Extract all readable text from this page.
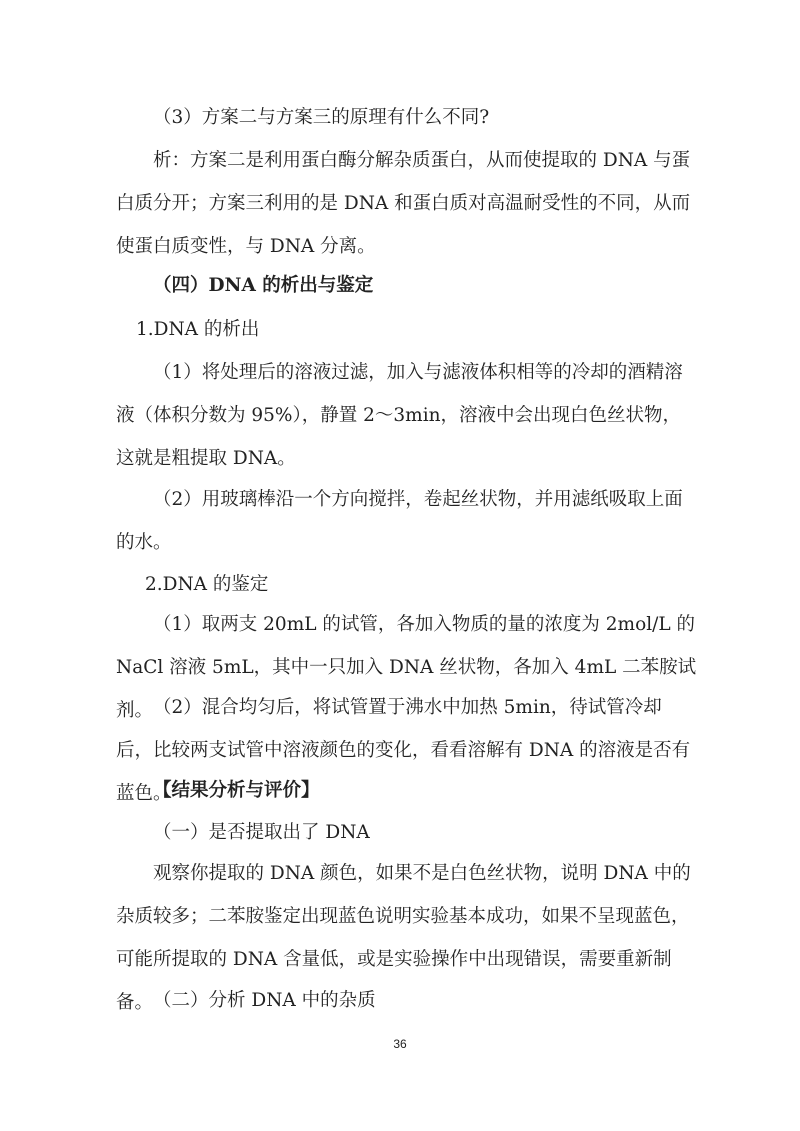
（3）方案二与方案三的原理有什么不同?

析：方案二是利用蛋白酶分解杂质蛋白，从而使提取的 DNA 与蛋白质分开；方案三利用的是 DNA 和蛋白质对高温耐受性的不同，从而使蛋白质变性，与 DNA 分离。

（四）DNA 的析出与鉴定

1.DNA 的析出

（1）将处理后的溶液过滤，加入与滤液体积相等的冷却的酒精溶液（体积分数为 95%），静置 2～3min，溶液中会出现白色丝状物，这就是粗提取 DNA。

（2）用玻璃棒沿一个方向搅拌，卷起丝状物，并用滤纸吸取上面的水。

2.DNA 的鉴定

（1）取两支 20mL 的试管，各加入物质的量的浓度为 2mol/L 的 NaCl 溶液 5mL，其中一只加入 DNA 丝状物，各加入 4mL 二苯胺试剂。 （2）混合均匀后，将试管置于沸水中加热 5min，待试管冷却后，比较两支试管中溶液颜色的变化，看看溶解有 DNA 的溶液是否有蓝色。

【结果分析与评价】

（一）是否提取出了 DNA

观察你提取的 DNA 颜色，如果不是白色丝状物，说明 DNA 中的杂质较多；二苯胺鉴定出现蓝色说明实验基本成功，如果不呈现蓝色，可能所提取的 DNA 含量低，或是实验操作中出现错误，需要重新制备。 （二）分析 DNA 中的杂质

36
